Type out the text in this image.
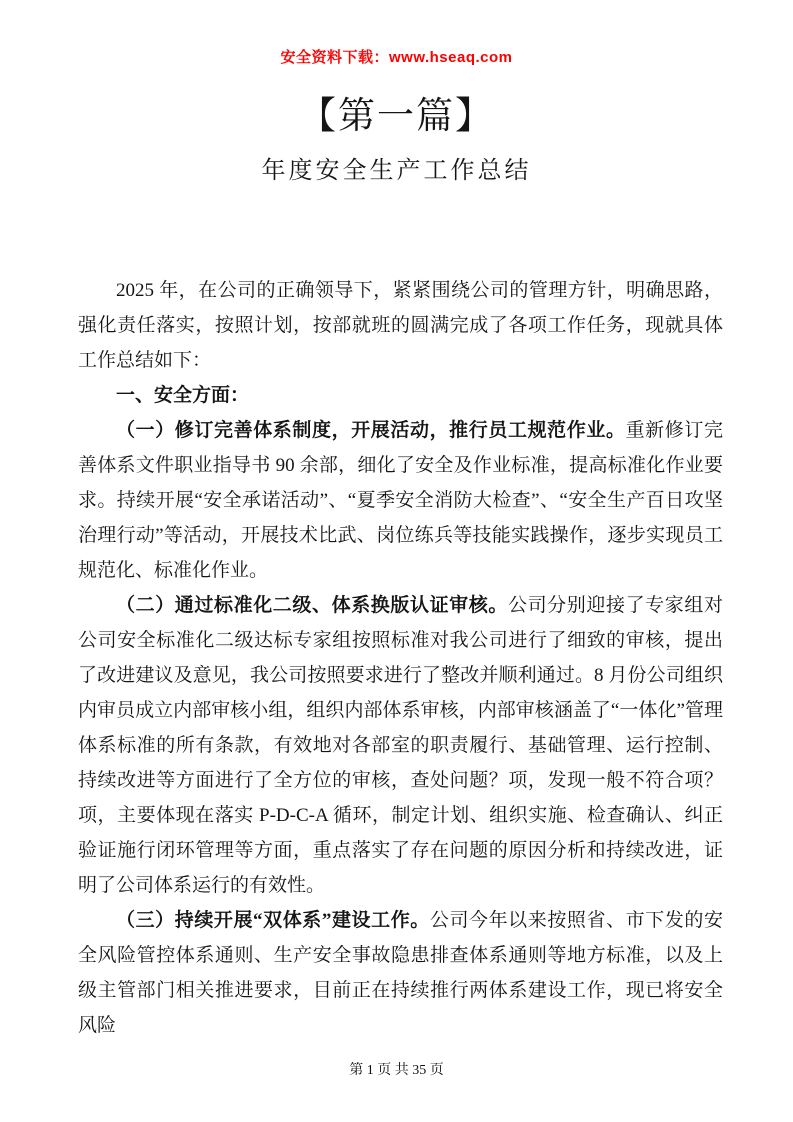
安全资料下载：www.hseaq.com
【第一篇】
年度安全生产工作总结

2025 年，在公司的正确领导下，紧紧围绕公司的管理方针，明确思路，强化责任落实，按照计划，按部就班的圆满完成了各项工作任务，现就具体工作总结如下：

一、安全方面：

（一）修订完善体系制度，开展活动，推行员工规范作业。重新修订完善体系文件职业指导书 90 余部，细化了安全及作业标准，提高标准化作业要求。持续开展“安全承诺活动”、“夏季安全消防大检查”、“安全生产百日攻坚治理行动”等活动，开展技术比武、岗位练兵等技能实践操作，逐步实现员工规范化、标准化作业。

（二）通过标准化二级、体系换版认证审核。公司分别迎接了专家组对公司安全标准化二级达标专家组按照标准对我公司进行了细致的审核，提出了改进建议及意见，我公司按照要求进行了整改并顺利通过。8 月份公司组织内审员成立内部审核小组，组织内部体系审核，内部审核涵盖了“一体化”管理体系标准的所有条款，有效地对各部室的职责履行、基础管理、运行控制、持续改进等方面进行了全方位的审核，查处问题？项，发现一般不符合项？项，主要体现在落实 P-D-C-A 循环，制定计划、组织实施、检查确认、纠正验证施行闭环管理等方面，重点落实了存在问题的原因分析和持续改进，证明了公司体系运行的有效性。

（三）持续开展“双体系”建设工作。公司今年以来按照省、市下发的安全风险管控体系通则、生产安全事故隐患排查体系通则等地方标准，以及上级主管部门相关推进要求，目前正在持续推行两体系建设工作，现已将安全风险

第 1 页 共 35 页
